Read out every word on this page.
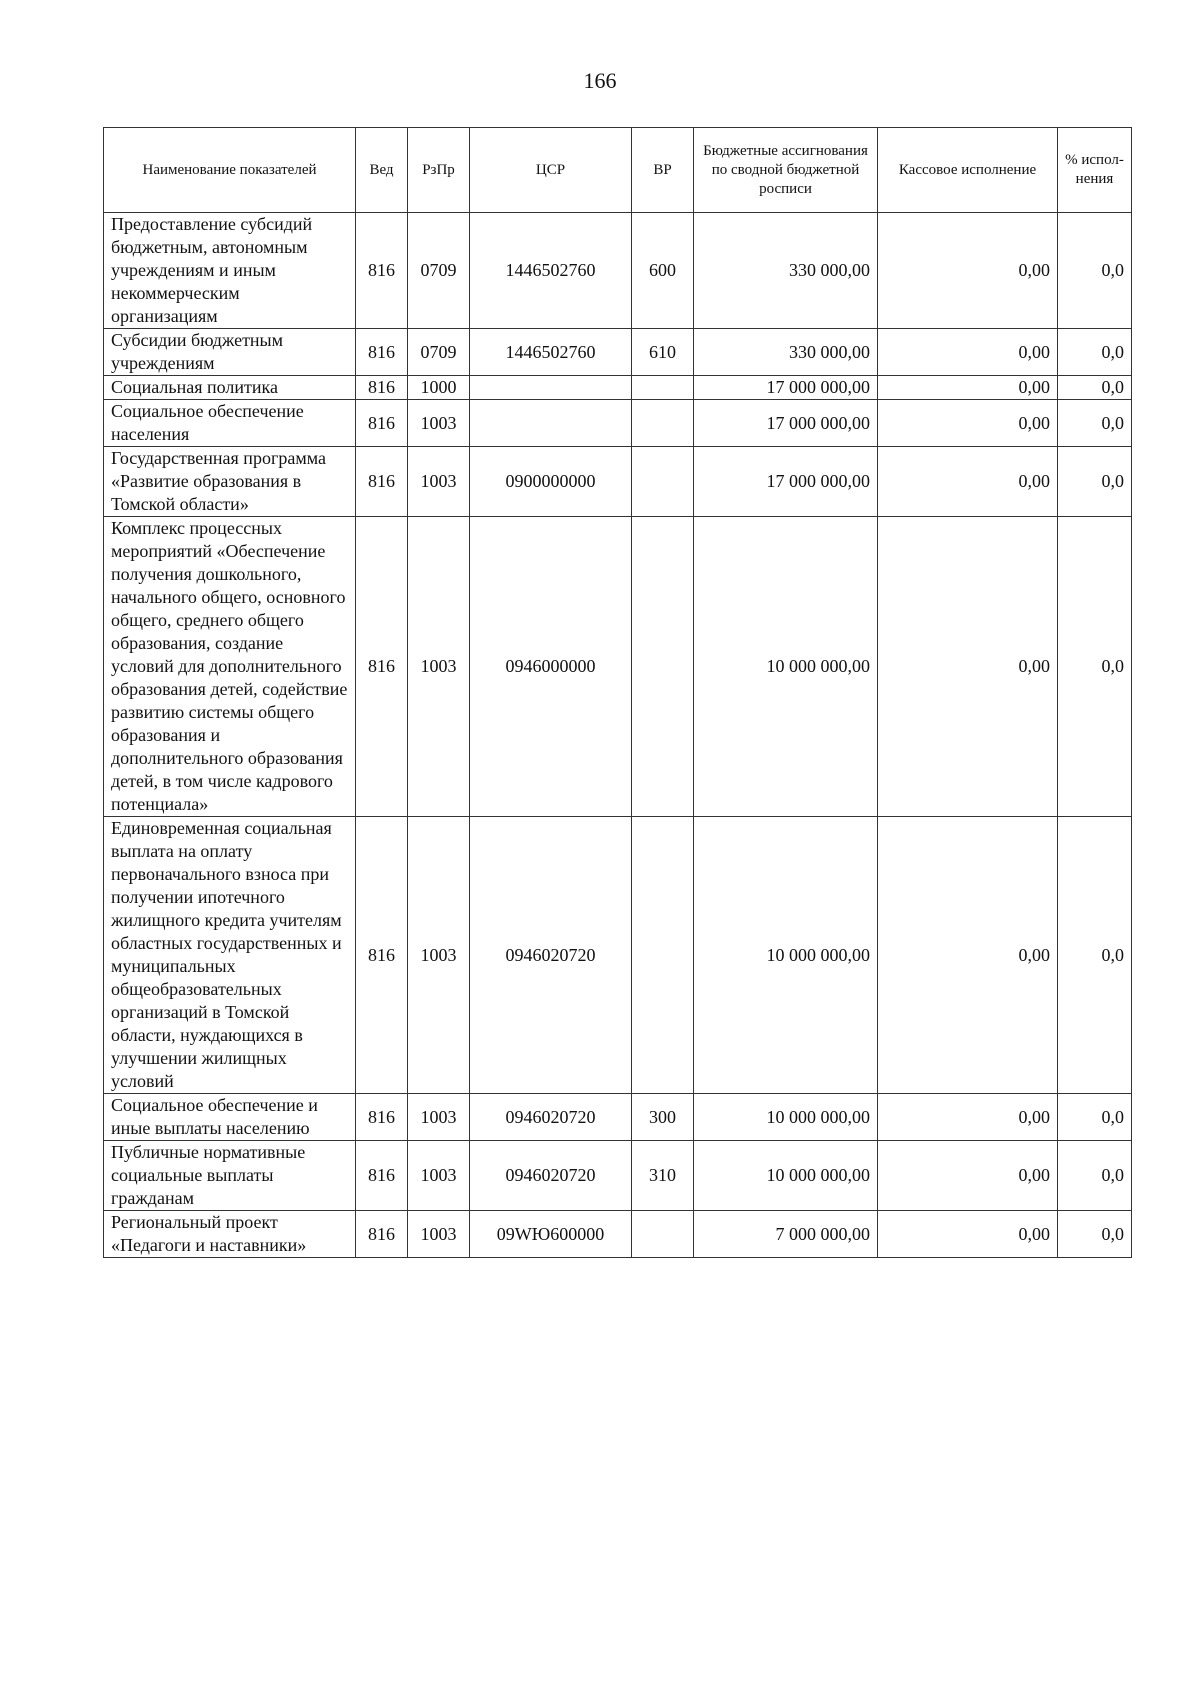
166
Наименование показателей	Вед	РзПр	ЦСР	ВР	Бюджетные ассигнования по сводной бюджетной росписи	Кассовое исполнение	% испол-нения
Предоставление субсидий бюджетным, автономным учреждениям и иным некоммерческим организациям	816	0709	1446502760	600	330 000,00	0,00	0,0
Субсидии бюджетным учреждениям	816	0709	1446502760	610	330 000,00	0,00	0,0
Социальная политика	816	1000			17 000 000,00	0,00	0,0
Социальное обеспечение населения	816	1003			17 000 000,00	0,00	0,0
Государственная программа «Развитие образования в Томской области»	816	1003	0900000000		17 000 000,00	0,00	0,0
Комплекс процессных мероприятий «Обеспечение получения дошкольного, начального общего, основного общего, среднего общего образования, создание условий для дополнительного образования детей, содействие развитию системы общего образования и дополнительного образования детей, в том числе кадрового потенциала»	816	1003	0946000000		10 000 000,00	0,00	0,0
Единовременная социальная выплата на оплату первоначального взноса при получении ипотечного жилищного кредита учителям областных государственных и муниципальных общеобразовательных организаций в Томской области, нуждающихся в улучшении жилищных условий	816	1003	0946020720		10 000 000,00	0,00	0,0
Социальное обеспечение и иные выплаты населению	816	1003	0946020720	300	10 000 000,00	0,00	0,0
Публичные нормативные социальные выплаты гражданам	816	1003	0946020720	310	10 000 000,00	0,00	0,0
Региональный проект «Педагоги и наставники»	816	1003	09WЮ600000		7 000 000,00	0,00	0,0
